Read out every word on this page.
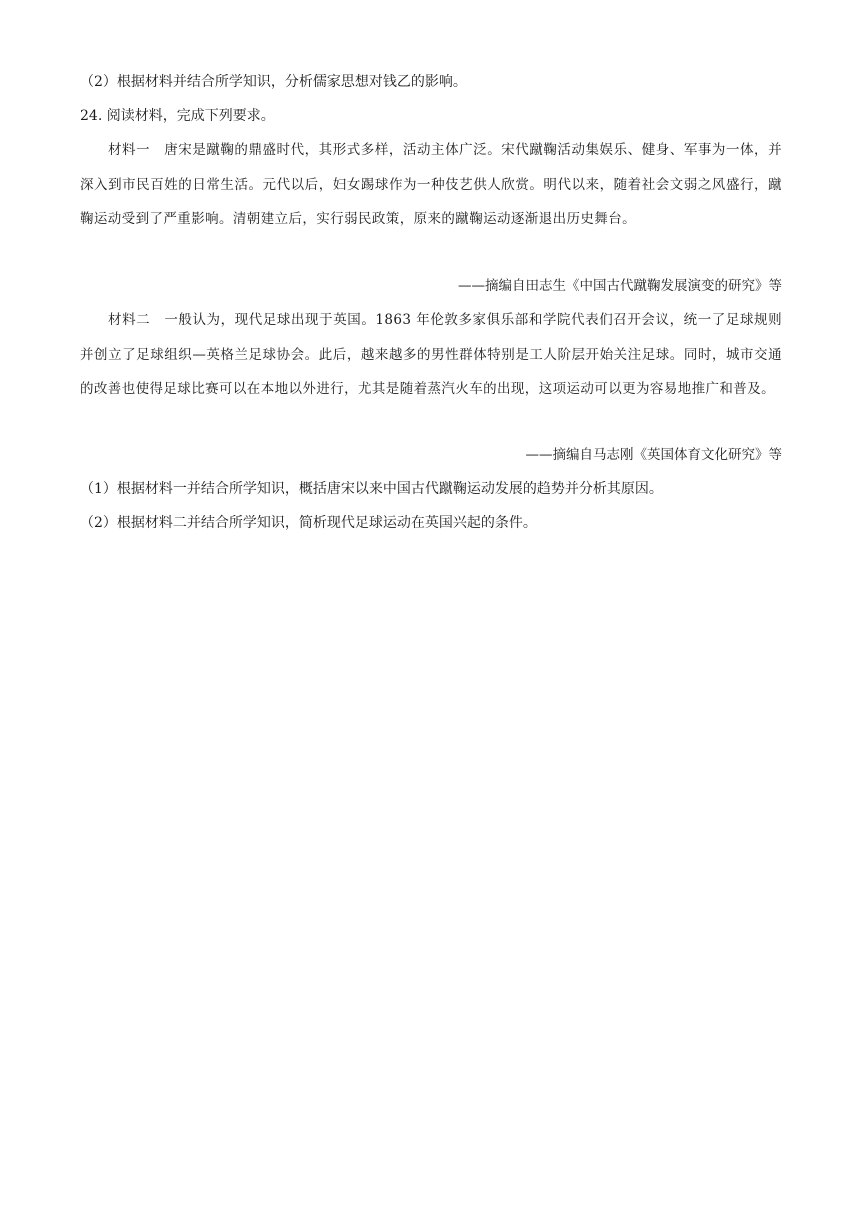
（2）根据材料并结合所学知识，分析儒家思想对钱乙的影响。
24. 阅读材料，完成下列要求。
材料一　 唐宋是蹴鞠的鼎盛时代，其形式多样，活动主体广泛。宋代蹴鞠活动集娱乐、健身、军事为一体，并深入到市民百姓的日常生活。元代以后，妇女踢球作为一种伎艺供人欣赏。明代以来，随着社会文弱之风盛行，蹴鞠运动受到了严重影响。清朝建立后，实行弱民政策，原来的蹴鞠运动逐渐退出历史舞台。
——摘编自田志生《中国古代蹴鞠发展演变的研究》等
材料二　 一般认为，现代足球出现于英国。1863 年伦敦多家俱乐部和学院代表们召开会议，统一了足球规则并创立了足球组织—英格兰足球协会。此后，越来越多的男性群体特别是工人阶层开始关注足球。同时，城市交通的改善也使得足球比赛可以在本地以外进行，尤其是随着蒸汽火车的出现，这项运动可以更为容易地推广和普及。
——摘编自马志刚《英国体育文化研究》等
（1）根据材料一并结合所学知识，概括唐宋以来中国古代蹴鞠运动发展的趋势并分析其原因。
（2）根据材料二并结合所学知识，简析现代足球运动在英国兴起的条件。
